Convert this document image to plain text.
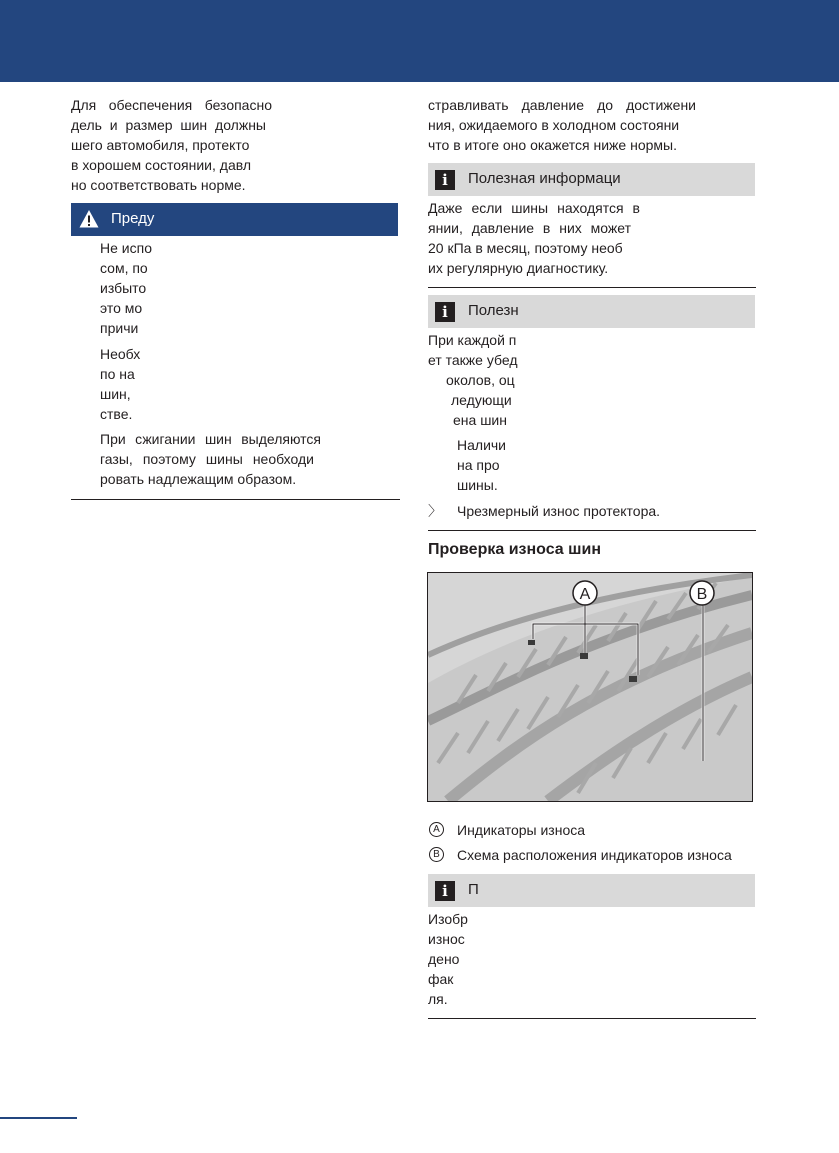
Для обеспечения безопасно
дель и размер шин должны
шего автомобиля, протекто
в хорошем состоянии, давл
но соответствовать норме.
Преду
Не испо
сом, по
избыто
это мо
причи
Необх
по на
шин,
стве.
При сжигании шин выделяются
газы, поэтому шины необходи
ровать надлежащим образом.
стравливать давление до достижени
ния, ожидаемого в холодном состояни
что в итоге оно окажется ниже нормы.
i	Полезная информаци
Даже если шины находятся в
янии, давление в них может
20 кПа в месяц, поэтому необ
их регулярную диагностику.
i	Полезн
При каждой п
ет также убед
околов, оц
ледующи
ена шин
Наличи
на про
шины.
〉 Чрезмерный износ протектора.
Проверка износа шин
A	B
A Индикаторы износа
B Схема расположения индикаторов износа
i	П
Изобр
износ
дено
фак
ля.
